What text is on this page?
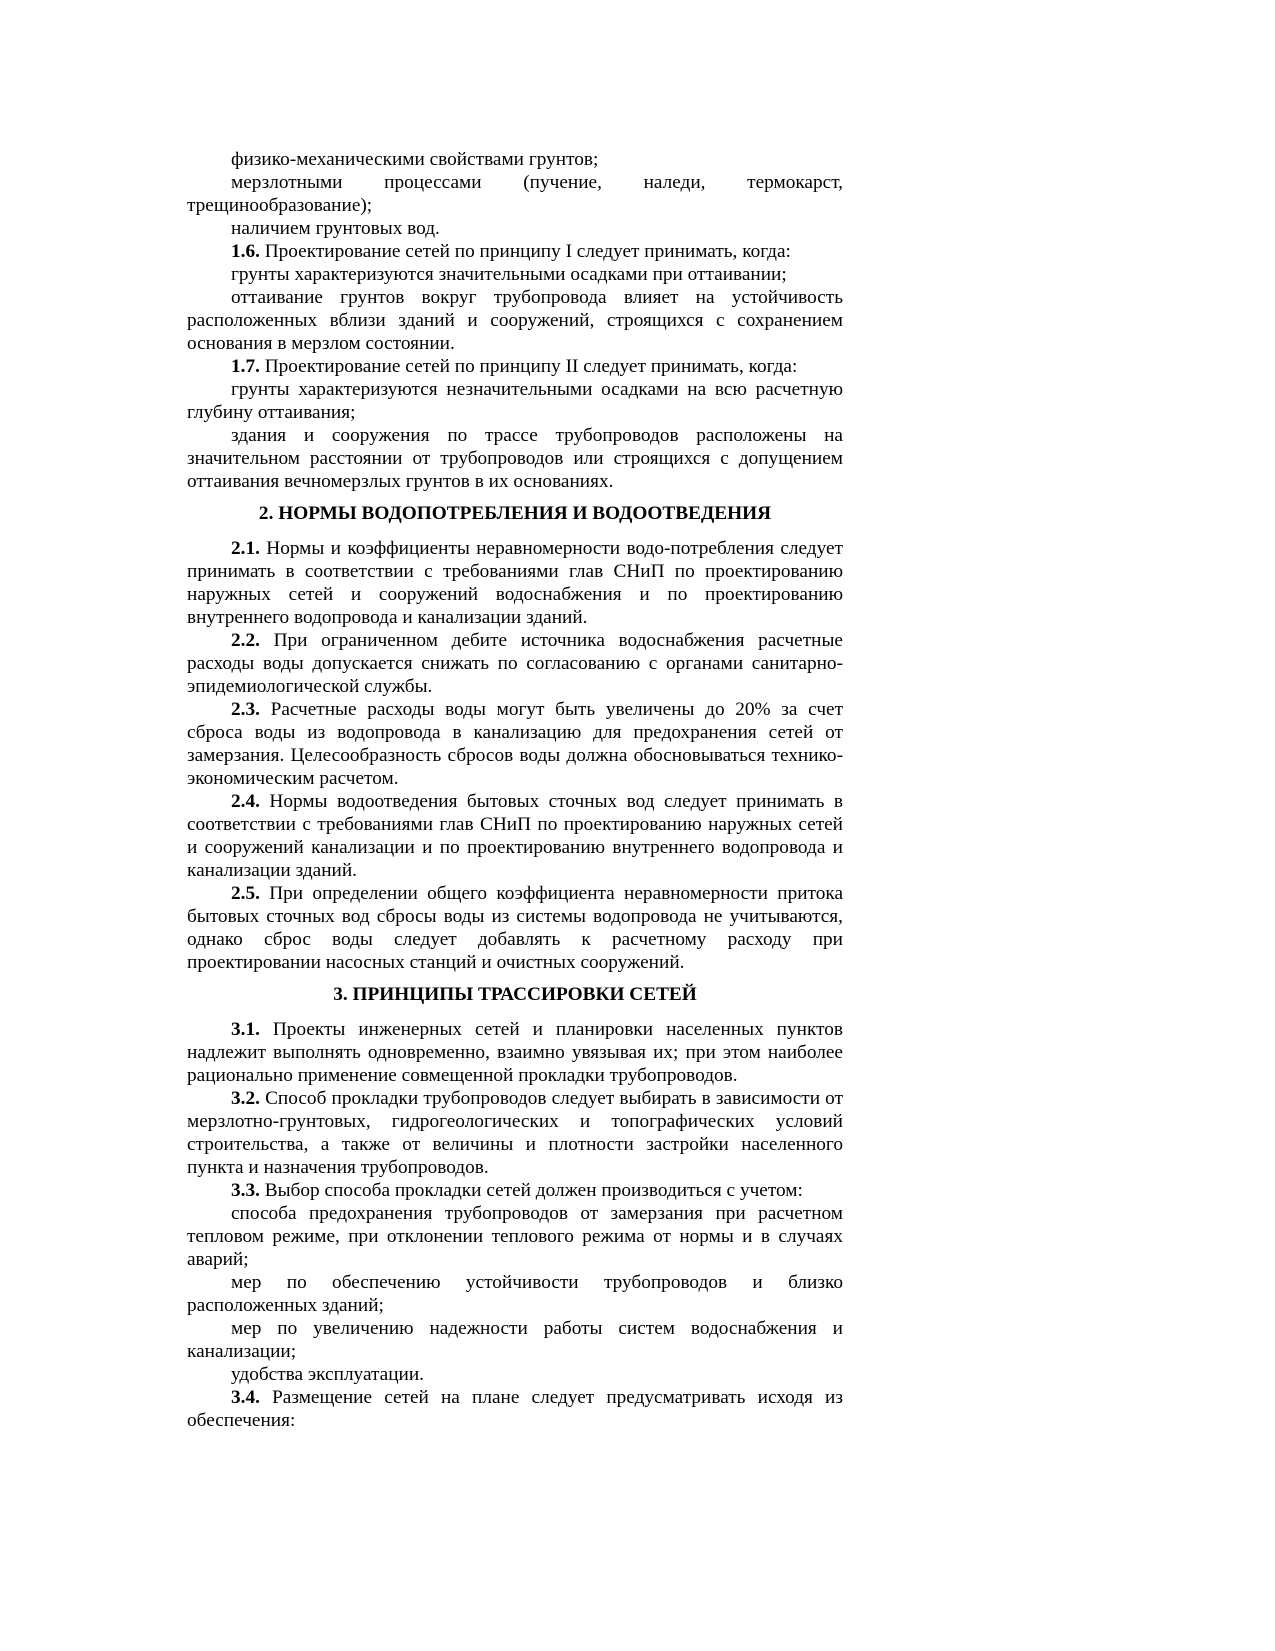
физико-механическими свойствами грунтов;

мерзлотными процессами (пучение, наледи, термокарст, трещинообразование);

наличием грунтовых вод.

1.6. Проектирование сетей по принципу I следует принимать, когда:

грунты характеризуются значительными осадками при оттаивании;

оттаивание грунтов вокруг трубопровода влияет на устойчивость расположенных вблизи зданий и сооружений, строящихся с сохранением основания в мерзлом состоянии.

1.7. Проектирование сетей по принципу II следует принимать, когда:

грунты характеризуются незначительными осадками на всю расчетную глубину оттаивания;

здания и сооружения по трассе трубопроводов расположены на значительном расстоянии от трубопроводов или строящихся с допущением оттаивания вечномерзлых грунтов в их основаниях.

2. НОРМЫ ВОДОПОТРЕБЛЕНИЯ И ВОДООТВЕДЕНИЯ

2.1. Нормы и коэффициенты неравномерности водо-потребления следует принимать в соответствии с требованиями глав СНиП по проектированию наружных сетей и сооружений водоснабжения и по проектированию внутреннего водопровода и канализации зданий.

2.2. При ограниченном дебите источника водоснабжения расчетные расходы воды допускается снижать по согласованию с органами санитарно-эпидемиологической службы.

2.3. Расчетные расходы воды могут быть увеличены до 20% за счет сброса воды из водопровода в канализацию для предохранения сетей от замерзания. Целесообразность сбросов воды должна обосновываться технико-экономическим расчетом.

2.4. Нормы водоотведения бытовых сточных вод следует принимать в соответствии с требованиями глав СНиП по проектированию наружных сетей и сооружений канализации и по проектированию внутреннего водопровода и канализации зданий.

2.5. При определении общего коэффициента неравномерности притока бытовых сточных вод сбросы воды из системы водопровода не учитываются, однако сброс воды следует добавлять к расчетному расходу при проектировании насосных станций и очистных сооружений.

3. ПРИНЦИПЫ ТРАССИРОВКИ СЕТЕЙ

3.1. Проекты инженерных сетей и планировки населенных пунктов надлежит выполнять одновременно, взаимно увязывая их; при этом наиболее рационально применение совмещенной прокладки трубопроводов.

3.2. Способ прокладки трубопроводов следует выбирать в зависимости от мерзлотно-грунтовых, гидрогеологических и топографических условий строительства, а также от величины и плотности застройки населенного пункта и назначения трубопроводов.

3.3. Выбор способа прокладки сетей должен производиться с учетом:

способа предохранения трубопроводов от замерзания при расчетном тепловом режиме, при отклонении теплового режима от нормы и в случаях аварий;

мер по обеспечению устойчивости трубопроводов и близко расположенных зданий;

мер по увеличению надежности работы систем водоснабжения и канализации;

удобства эксплуатации.

3.4. Размещение сетей на плане следует предусматривать исходя из обеспечения:
